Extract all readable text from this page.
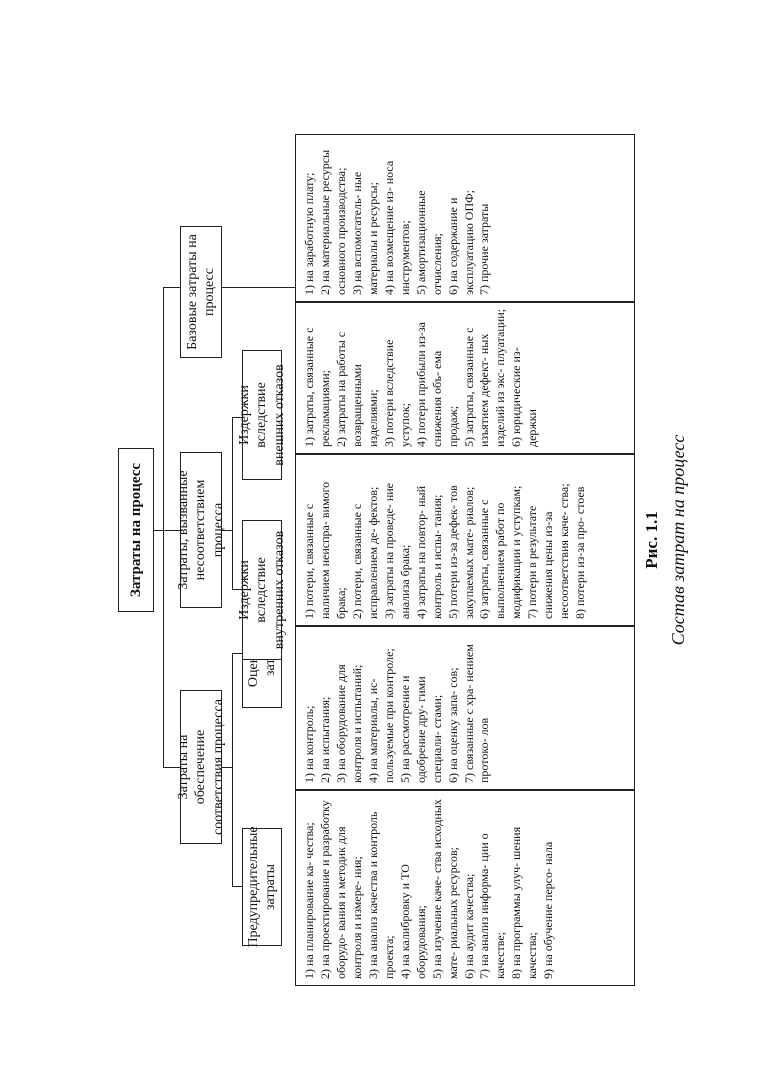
Затраты на процесс
Затраты на обеспечение соответствия процесса
Затраты, вызванные несоответствием процесса
Базовые затраты на процесс
Предупредительные затраты
Издержки вследствие внутренних отказов
Издержки вследствие внешних отказов
1) на планирование ка- чества; 2) на проектирование и разработку оборудо- вания и методик для контроля и измере- ния; 3) на анализ качества и контроль проекта; 4) на калибровку и ТО оборудования; 5) на изучение каче- ства исходных мате- риальных ресурсов; 6) на аудит качества; 7) на анализ информа- ции о качестве; 8) на программы улуч- шения качества; 9) на обучение персо- нала
1) на контроль; 2) на испытания; 3) на оборудование для контроля и испытаний; 4) на материалы, ис- пользуемые при контроле; 5) на рассмотрение и одобрение дру- гими специали- стами; 6) на оценку запа- сов; 7) связанные с хра- нением протоко- лов
1) потери, связанные с наличием неиспра- вимого брака; 2) потери, связанные с исправлением де- фектов; 3) затраты на проведе- ние анализа брака; 4) затраты на повтор- ный контроль и испы- тания; 5) потери из-за дефек- тов закупаемых мате- риалов; 6) затраты, связанные с выполнением работ по модификации и уступкам; 7) потери в результате снижения цены из-за несоответствия каче- ства; 8) потери из-за про- стоев
1) затраты, связанные с рекламациями; 2) затраты на работы с возвращенными изделиями; 3) потери вследствие уступок; 4) потери прибыли из-за снижения объ- ема продаж; 5) затраты, связанные с изъятием дефект- ных изделий из экс- плуатации; 6) юридические из- держки
1) на заработную плату; 2) на материальные ресурсы основного производства; 3) на вспомогатель- ные материалы и ресурсы; 4) на возмещение из- носа инструментов; 5) амортизационные отчисления; 6) на содержание и эксплуатацию ОПФ; 7) прочие затраты
Рис. 1.1 Состав затрат на процесс
